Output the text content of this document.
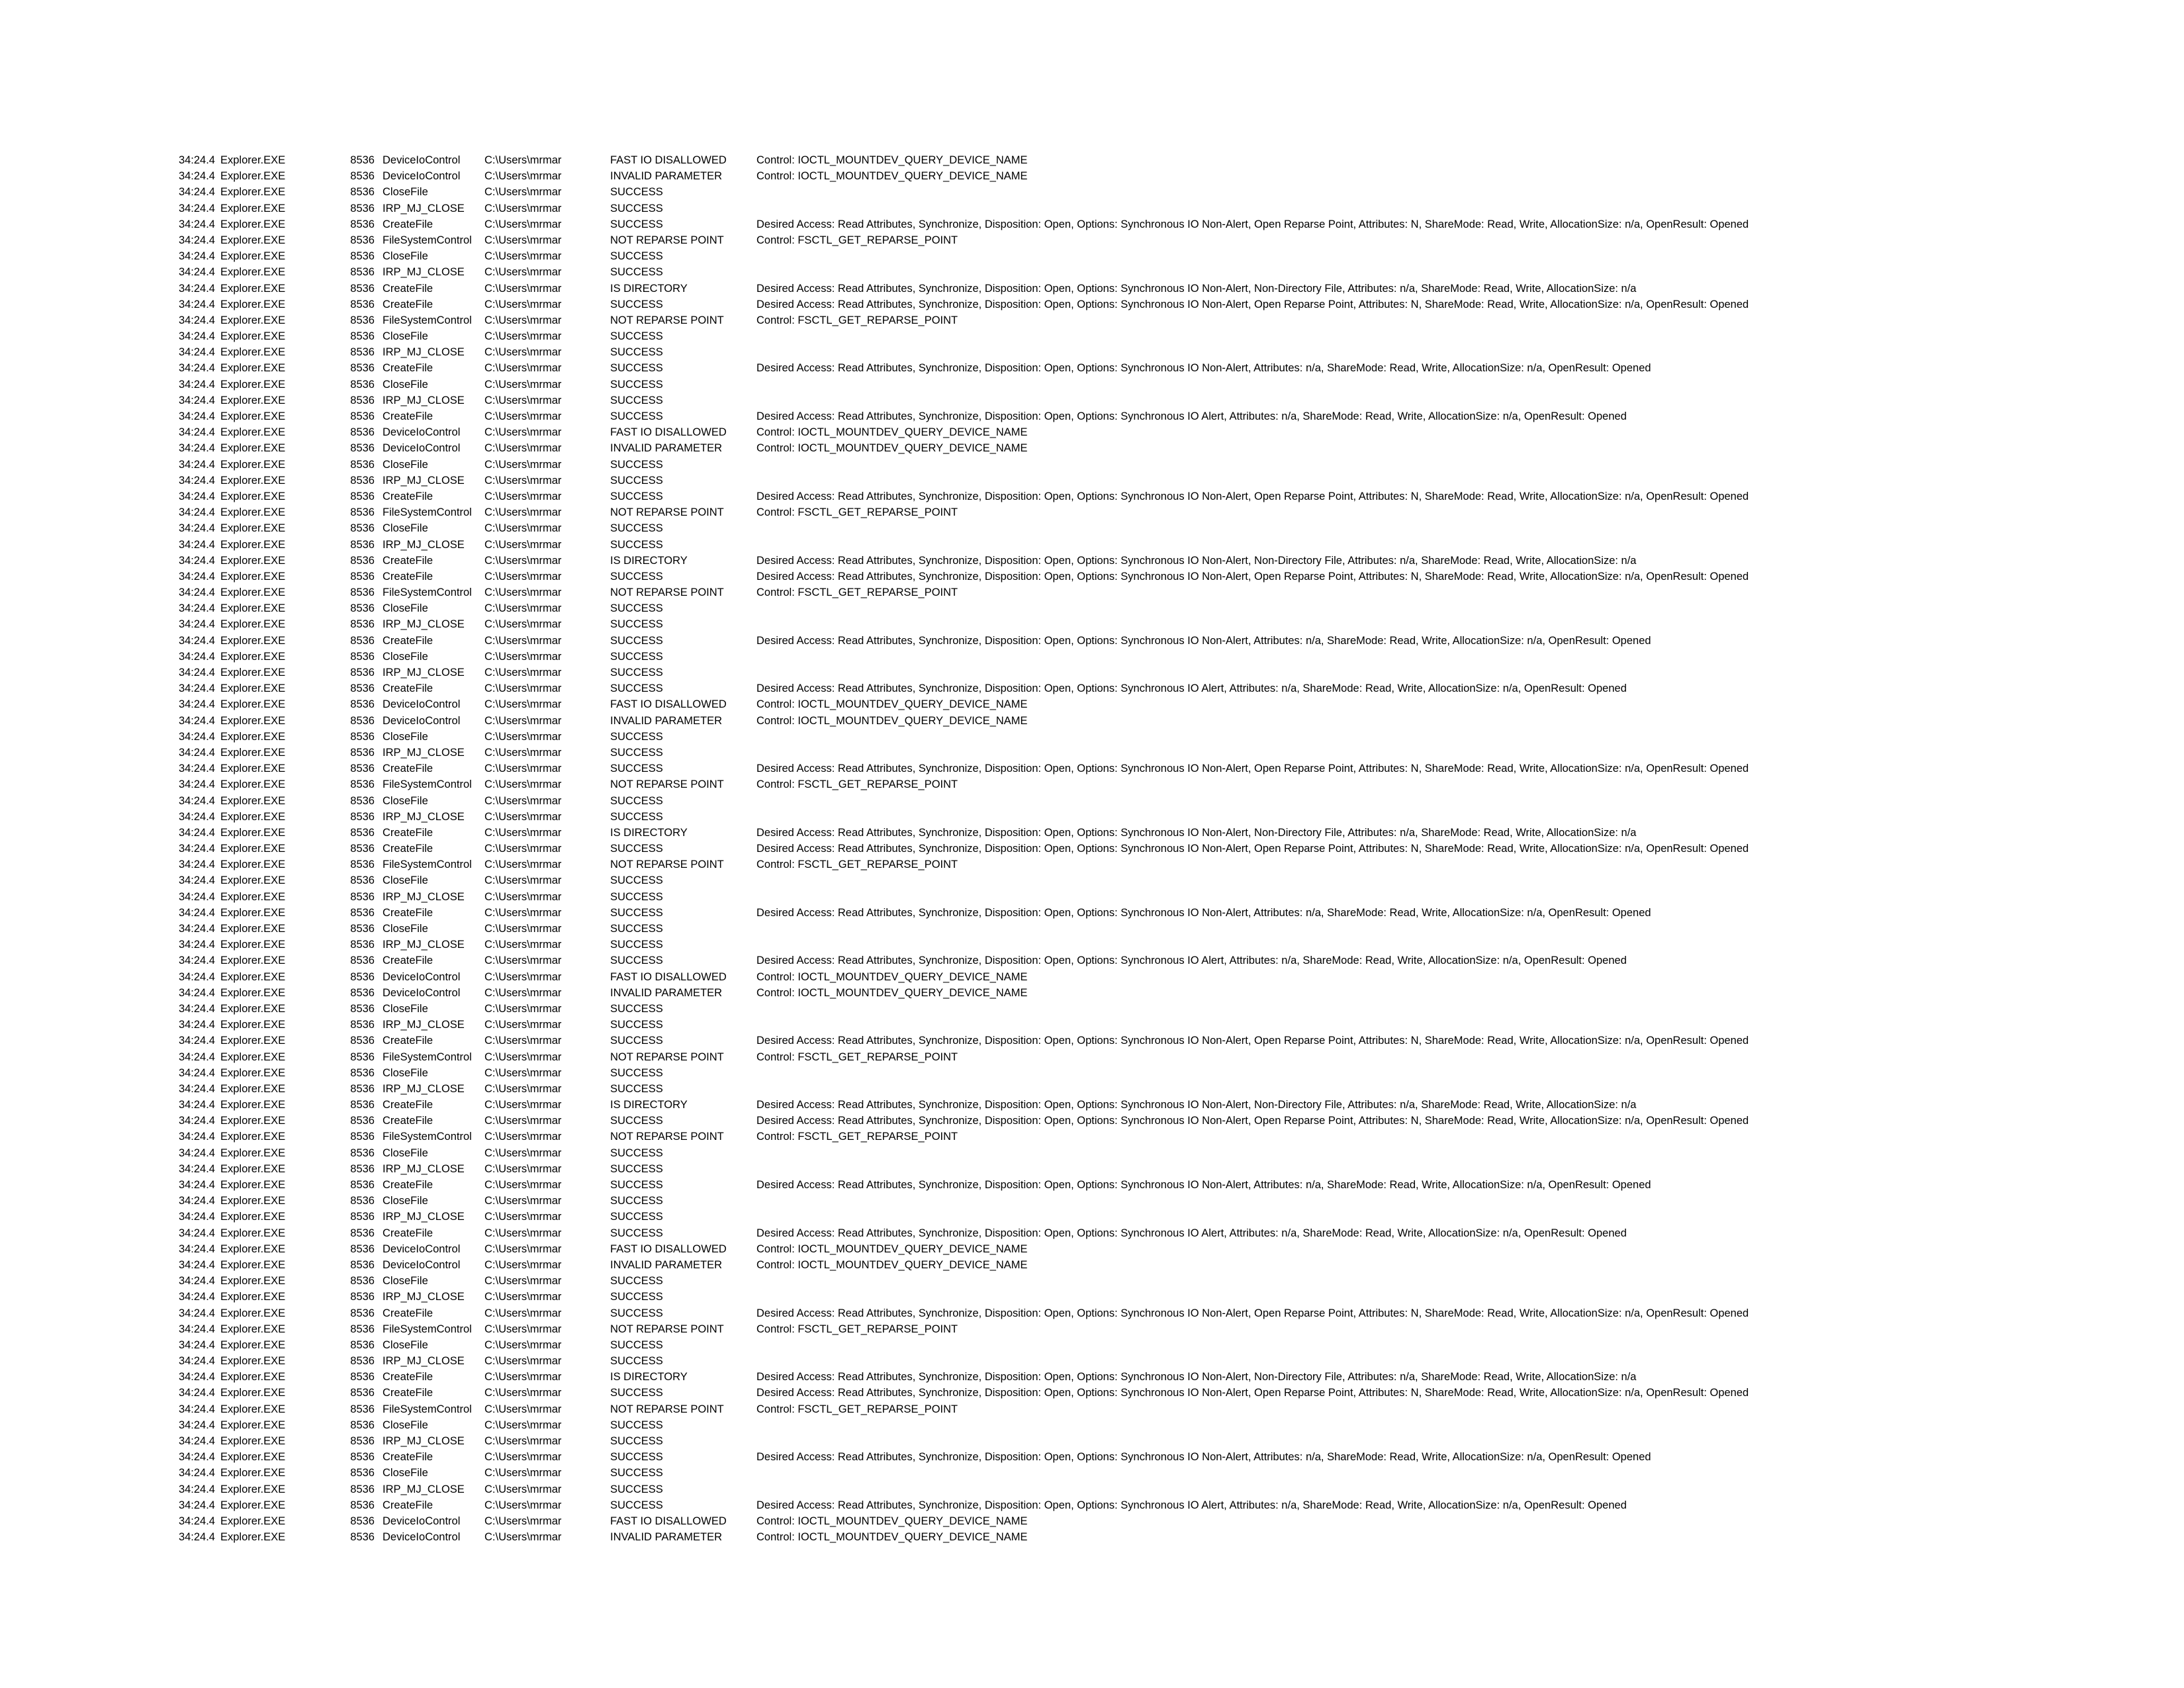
34:24.4 Explorer.EXE	8536 DeviceIoControl C:\Users\mrmar	FAST IO DISALLOWED	Control: IOCTL_MOUNTDEV_QUERY_DEVICE_NAME
34:24.4 Explorer.EXE	8536 DeviceIoControl C:\Users\mrmar	INVALID PARAMETER	Control: IOCTL_MOUNTDEV_QUERY_DEVICE_NAME
34:24.4 Explorer.EXE	8536 CloseFile	C:\Users\mrmar	SUCCESS
34:24.4 Explorer.EXE	8536 IRP_MJ_CLOSE C:\Users\mrmar	SUCCESS
34:24.4 Explorer.EXE	8536 CreateFile	C:\Users\mrmar	SUCCESS	Desired Access: Read Attributes, Synchronize, Disposition: Open, Options: Synchronous IO Non-Alert, Open Reparse Point, Attributes: N, ShareMode: Read, Write, AllocationSize: n/a, OpenResult: Opened
34:24.4 Explorer.EXE	8536 FileSystemControl C:\Users\mrmar	NOT REPARSE POINT	Control: FSCTL_GET_REPARSE_POINT
34:24.4 Explorer.EXE	8536 CloseFile	C:\Users\mrmar	SUCCESS
34:24.4 Explorer.EXE	8536 IRP_MJ_CLOSE C:\Users\mrmar	SUCCESS
34:24.4 Explorer.EXE	8536 CreateFile	C:\Users\mrmar	IS DIRECTORY	Desired Access: Read Attributes, Synchronize, Disposition: Open, Options: Synchronous IO Non-Alert, Non-Directory File, Attributes: n/a, ShareMode: Read, Write, AllocationSize: n/a
34:24.4 Explorer.EXE	8536 CreateFile	C:\Users\mrmar	SUCCESS	Desired Access: Read Attributes, Synchronize, Disposition: Open, Options: Synchronous IO Non-Alert, Open Reparse Point, Attributes: N, ShareMode: Read, Write, AllocationSize: n/a, OpenResult: Opened
34:24.4 Explorer.EXE	8536 FileSystemControl C:\Users\mrmar	NOT REPARSE POINT	Control: FSCTL_GET_REPARSE_POINT
34:24.4 Explorer.EXE	8536 CloseFile	C:\Users\mrmar	SUCCESS
34:24.4 Explorer.EXE	8536 IRP_MJ_CLOSE C:\Users\mrmar	SUCCESS
34:24.4 Explorer.EXE	8536 CreateFile	C:\Users\mrmar	SUCCESS	Desired Access: Read Attributes, Synchronize, Disposition: Open, Options: Synchronous IO Non-Alert, Attributes: n/a, ShareMode: Read, Write, AllocationSize: n/a, OpenResult: Opened
34:24.4 Explorer.EXE	8536 CloseFile	C:\Users\mrmar	SUCCESS
34:24.4 Explorer.EXE	8536 IRP_MJ_CLOSE C:\Users\mrmar	SUCCESS
34:24.4 Explorer.EXE	8536 CreateFile	C:\Users\mrmar	SUCCESS	Desired Access: Read Attributes, Synchronize, Disposition: Open, Options: Synchronous IO Alert, Attributes: n/a, ShareMode: Read, Write, AllocationSize: n/a, OpenResult: Opened
34:24.4 Explorer.EXE	8536 DeviceIoControl C:\Users\mrmar	FAST IO DISALLOWED	Control: IOCTL_MOUNTDEV_QUERY_DEVICE_NAME
34:24.4 Explorer.EXE	8536 DeviceIoControl C:\Users\mrmar	INVALID PARAMETER	Control: IOCTL_MOUNTDEV_QUERY_DEVICE_NAME
34:24.4 Explorer.EXE	8536 CloseFile	C:\Users\mrmar	SUCCESS
34:24.4 Explorer.EXE	8536 IRP_MJ_CLOSE C:\Users\mrmar	SUCCESS
34:24.4 Explorer.EXE	8536 CreateFile	C:\Users\mrmar	SUCCESS	Desired Access: Read Attributes, Synchronize, Disposition: Open, Options: Synchronous IO Non-Alert, Open Reparse Point, Attributes: N, ShareMode: Read, Write, AllocationSize: n/a, OpenResult: Opened
34:24.4 Explorer.EXE	8536 FileSystemControl C:\Users\mrmar	NOT REPARSE POINT	Control: FSCTL_GET_REPARSE_POINT
34:24.4 Explorer.EXE	8536 CloseFile	C:\Users\mrmar	SUCCESS
34:24.4 Explorer.EXE	8536 IRP_MJ_CLOSE C:\Users\mrmar	SUCCESS
34:24.4 Explorer.EXE	8536 CreateFile	C:\Users\mrmar	IS DIRECTORY	Desired Access: Read Attributes, Synchronize, Disposition: Open, Options: Synchronous IO Non-Alert, Non-Directory File, Attributes: n/a, ShareMode: Read, Write, AllocationSize: n/a
34:24.4 Explorer.EXE	8536 CreateFile	C:\Users\mrmar	SUCCESS	Desired Access: Read Attributes, Synchronize, Disposition: Open, Options: Synchronous IO Non-Alert, Open Reparse Point, Attributes: N, ShareMode: Read, Write, AllocationSize: n/a, OpenResult: Opened
34:24.4 Explorer.EXE	8536 FileSystemControl C:\Users\mrmar	NOT REPARSE POINT	Control: FSCTL_GET_REPARSE_POINT
34:24.4 Explorer.EXE	8536 CloseFile	C:\Users\mrmar	SUCCESS
34:24.4 Explorer.EXE	8536 IRP_MJ_CLOSE C:\Users\mrmar	SUCCESS
34:24.4 Explorer.EXE	8536 CreateFile	C:\Users\mrmar	SUCCESS	Desired Access: Read Attributes, Synchronize, Disposition: Open, Options: Synchronous IO Non-Alert, Attributes: n/a, ShareMode: Read, Write, AllocationSize: n/a, OpenResult: Opened
34:24.4 Explorer.EXE	8536 CloseFile	C:\Users\mrmar	SUCCESS
34:24.4 Explorer.EXE	8536 IRP_MJ_CLOSE C:\Users\mrmar	SUCCESS
34:24.4 Explorer.EXE	8536 CreateFile	C:\Users\mrmar	SUCCESS	Desired Access: Read Attributes, Synchronize, Disposition: Open, Options: Synchronous IO Alert, Attributes: n/a, ShareMode: Read, Write, AllocationSize: n/a, OpenResult: Opened
34:24.4 Explorer.EXE	8536 DeviceIoControl C:\Users\mrmar	FAST IO DISALLOWED	Control: IOCTL_MOUNTDEV_QUERY_DEVICE_NAME
34:24.4 Explorer.EXE	8536 DeviceIoControl C:\Users\mrmar	INVALID PARAMETER	Control: IOCTL_MOUNTDEV_QUERY_DEVICE_NAME
34:24.4 Explorer.EXE	8536 CloseFile	C:\Users\mrmar	SUCCESS
34:24.4 Explorer.EXE	8536 IRP_MJ_CLOSE C:\Users\mrmar	SUCCESS
34:24.4 Explorer.EXE	8536 CreateFile	C:\Users\mrmar	SUCCESS	Desired Access: Read Attributes, Synchronize, Disposition: Open, Options: Synchronous IO Non-Alert, Open Reparse Point, Attributes: N, ShareMode: Read, Write, AllocationSize: n/a, OpenResult: Opened
34:24.4 Explorer.EXE	8536 FileSystemControl C:\Users\mrmar	NOT REPARSE POINT	Control: FSCTL_GET_REPARSE_POINT
34:24.4 Explorer.EXE	8536 CloseFile	C:\Users\mrmar	SUCCESS
34:24.4 Explorer.EXE	8536 IRP_MJ_CLOSE C:\Users\mrmar	SUCCESS
34:24.4 Explorer.EXE	8536 CreateFile	C:\Users\mrmar	IS DIRECTORY	Desired Access: Read Attributes, Synchronize, Disposition: Open, Options: Synchronous IO Non-Alert, Non-Directory File, Attributes: n/a, ShareMode: Read, Write, AllocationSize: n/a
34:24.4 Explorer.EXE	8536 CreateFile	C:\Users\mrmar	SUCCESS	Desired Access: Read Attributes, Synchronize, Disposition: Open, Options: Synchronous IO Non-Alert, Open Reparse Point, Attributes: N, ShareMode: Read, Write, AllocationSize: n/a, OpenResult: Opened
34:24.4 Explorer.EXE	8536 FileSystemControl C:\Users\mrmar	NOT REPARSE POINT	Control: FSCTL_GET_REPARSE_POINT
34:24.4 Explorer.EXE	8536 CloseFile	C:\Users\mrmar	SUCCESS
34:24.4 Explorer.EXE	8536 IRP_MJ_CLOSE C:\Users\mrmar	SUCCESS
34:24.4 Explorer.EXE	8536 CreateFile	C:\Users\mrmar	SUCCESS	Desired Access: Read Attributes, Synchronize, Disposition: Open, Options: Synchronous IO Non-Alert, Attributes: n/a, ShareMode: Read, Write, AllocationSize: n/a, OpenResult: Opened
34:24.4 Explorer.EXE	8536 CloseFile	C:\Users\mrmar	SUCCESS
34:24.4 Explorer.EXE	8536 IRP_MJ_CLOSE C:\Users\mrmar	SUCCESS
34:24.4 Explorer.EXE	8536 CreateFile	C:\Users\mrmar	SUCCESS	Desired Access: Read Attributes, Synchronize, Disposition: Open, Options: Synchronous IO Alert, Attributes: n/a, ShareMode: Read, Write, AllocationSize: n/a, OpenResult: Opened
34:24.4 Explorer.EXE	8536 DeviceIoControl C:\Users\mrmar	FAST IO DISALLOWED	Control: IOCTL_MOUNTDEV_QUERY_DEVICE_NAME
34:24.4 Explorer.EXE	8536 DeviceIoControl C:\Users\mrmar	INVALID PARAMETER	Control: IOCTL_MOUNTDEV_QUERY_DEVICE_NAME
34:24.4 Explorer.EXE	8536 CloseFile	C:\Users\mrmar	SUCCESS
34:24.4 Explorer.EXE	8536 IRP_MJ_CLOSE C:\Users\mrmar	SUCCESS
34:24.4 Explorer.EXE	8536 CreateFile	C:\Users\mrmar	SUCCESS	Desired Access: Read Attributes, Synchronize, Disposition: Open, Options: Synchronous IO Non-Alert, Open Reparse Point, Attributes: N, ShareMode: Read, Write, AllocationSize: n/a, OpenResult: Opened
34:24.4 Explorer.EXE	8536 FileSystemControl C:\Users\mrmar	NOT REPARSE POINT	Control: FSCTL_GET_REPARSE_POINT
34:24.4 Explorer.EXE	8536 CloseFile	C:\Users\mrmar	SUCCESS
34:24.4 Explorer.EXE	8536 IRP_MJ_CLOSE C:\Users\mrmar	SUCCESS
34:24.4 Explorer.EXE	8536 CreateFile	C:\Users\mrmar	IS DIRECTORY	Desired Access: Read Attributes, Synchronize, Disposition: Open, Options: Synchronous IO Non-Alert, Non-Directory File, Attributes: n/a, ShareMode: Read, Write, AllocationSize: n/a
34:24.4 Explorer.EXE	8536 CreateFile	C:\Users\mrmar	SUCCESS	Desired Access: Read Attributes, Synchronize, Disposition: Open, Options: Synchronous IO Non-Alert, Open Reparse Point, Attributes: N, ShareMode: Read, Write, AllocationSize: n/a, OpenResult: Opened
34:24.4 Explorer.EXE	8536 FileSystemControl C:\Users\mrmar	NOT REPARSE POINT	Control: FSCTL_GET_REPARSE_POINT
34:24.4 Explorer.EXE	8536 CloseFile	C:\Users\mrmar	SUCCESS
34:24.4 Explorer.EXE	8536 IRP_MJ_CLOSE C:\Users\mrmar	SUCCESS
34:24.4 Explorer.EXE	8536 CreateFile	C:\Users\mrmar	SUCCESS	Desired Access: Read Attributes, Synchronize, Disposition: Open, Options: Synchronous IO Non-Alert, Attributes: n/a, ShareMode: Read, Write, AllocationSize: n/a, OpenResult: Opened
34:24.4 Explorer.EXE	8536 CloseFile	C:\Users\mrmar	SUCCESS
34:24.4 Explorer.EXE	8536 IRP_MJ_CLOSE C:\Users\mrmar	SUCCESS
34:24.4 Explorer.EXE	8536 CreateFile	C:\Users\mrmar	SUCCESS	Desired Access: Read Attributes, Synchronize, Disposition: Open, Options: Synchronous IO Alert, Attributes: n/a, ShareMode: Read, Write, AllocationSize: n/a, OpenResult: Opened
34:24.4 Explorer.EXE	8536 DeviceIoControl C:\Users\mrmar	FAST IO DISALLOWED	Control: IOCTL_MOUNTDEV_QUERY_DEVICE_NAME
34:24.4 Explorer.EXE	8536 DeviceIoControl C:\Users\mrmar	INVALID PARAMETER	Control: IOCTL_MOUNTDEV_QUERY_DEVICE_NAME
34:24.4 Explorer.EXE	8536 CloseFile	C:\Users\mrmar	SUCCESS
34:24.4 Explorer.EXE	8536 IRP_MJ_CLOSE C:\Users\mrmar	SUCCESS
34:24.4 Explorer.EXE	8536 CreateFile	C:\Users\mrmar	SUCCESS	Desired Access: Read Attributes, Synchronize, Disposition: Open, Options: Synchronous IO Non-Alert, Open Reparse Point, Attributes: N, ShareMode: Read, Write, AllocationSize: n/a, OpenResult: Opened
34:24.4 Explorer.EXE	8536 FileSystemControl C:\Users\mrmar	NOT REPARSE POINT	Control: FSCTL_GET_REPARSE_POINT
34:24.4 Explorer.EXE	8536 CloseFile	C:\Users\mrmar	SUCCESS
34:24.4 Explorer.EXE	8536 IRP_MJ_CLOSE C:\Users\mrmar	SUCCESS
34:24.4 Explorer.EXE	8536 CreateFile	C:\Users\mrmar	IS DIRECTORY	Desired Access: Read Attributes, Synchronize, Disposition: Open, Options: Synchronous IO Non-Alert, Non-Directory File, Attributes: n/a, ShareMode: Read, Write, AllocationSize: n/a
34:24.4 Explorer.EXE	8536 CreateFile	C:\Users\mrmar	SUCCESS	Desired Access: Read Attributes, Synchronize, Disposition: Open, Options: Synchronous IO Non-Alert, Open Reparse Point, Attributes: N, ShareMode: Read, Write, AllocationSize: n/a, OpenResult: Opened
34:24.4 Explorer.EXE	8536 FileSystemControl C:\Users\mrmar	NOT REPARSE POINT	Control: FSCTL_GET_REPARSE_POINT
34:24.4 Explorer.EXE	8536 CloseFile	C:\Users\mrmar	SUCCESS
34:24.4 Explorer.EXE	8536 IRP_MJ_CLOSE C:\Users\mrmar	SUCCESS
34:24.4 Explorer.EXE	8536 CreateFile	C:\Users\mrmar	SUCCESS	Desired Access: Read Attributes, Synchronize, Disposition: Open, Options: Synchronous IO Non-Alert, Attributes: n/a, ShareMode: Read, Write, AllocationSize: n/a, OpenResult: Opened
34:24.4 Explorer.EXE	8536 CloseFile	C:\Users\mrmar	SUCCESS
34:24.4 Explorer.EXE	8536 IRP_MJ_CLOSE C:\Users\mrmar	SUCCESS
34:24.4 Explorer.EXE	8536 CreateFile	C:\Users\mrmar	SUCCESS	Desired Access: Read Attributes, Synchronize, Disposition: Open, Options: Synchronous IO Alert, Attributes: n/a, ShareMode: Read, Write, AllocationSize: n/a, OpenResult: Opened
34:24.4 Explorer.EXE	8536 DeviceIoControl C:\Users\mrmar	FAST IO DISALLOWED	Control: IOCTL_MOUNTDEV_QUERY_DEVICE_NAME
34:24.4 Explorer.EXE	8536 DeviceIoControl C:\Users\mrmar	INVALID PARAMETER	Control: IOCTL_MOUNTDEV_QUERY_DEVICE_NAME
